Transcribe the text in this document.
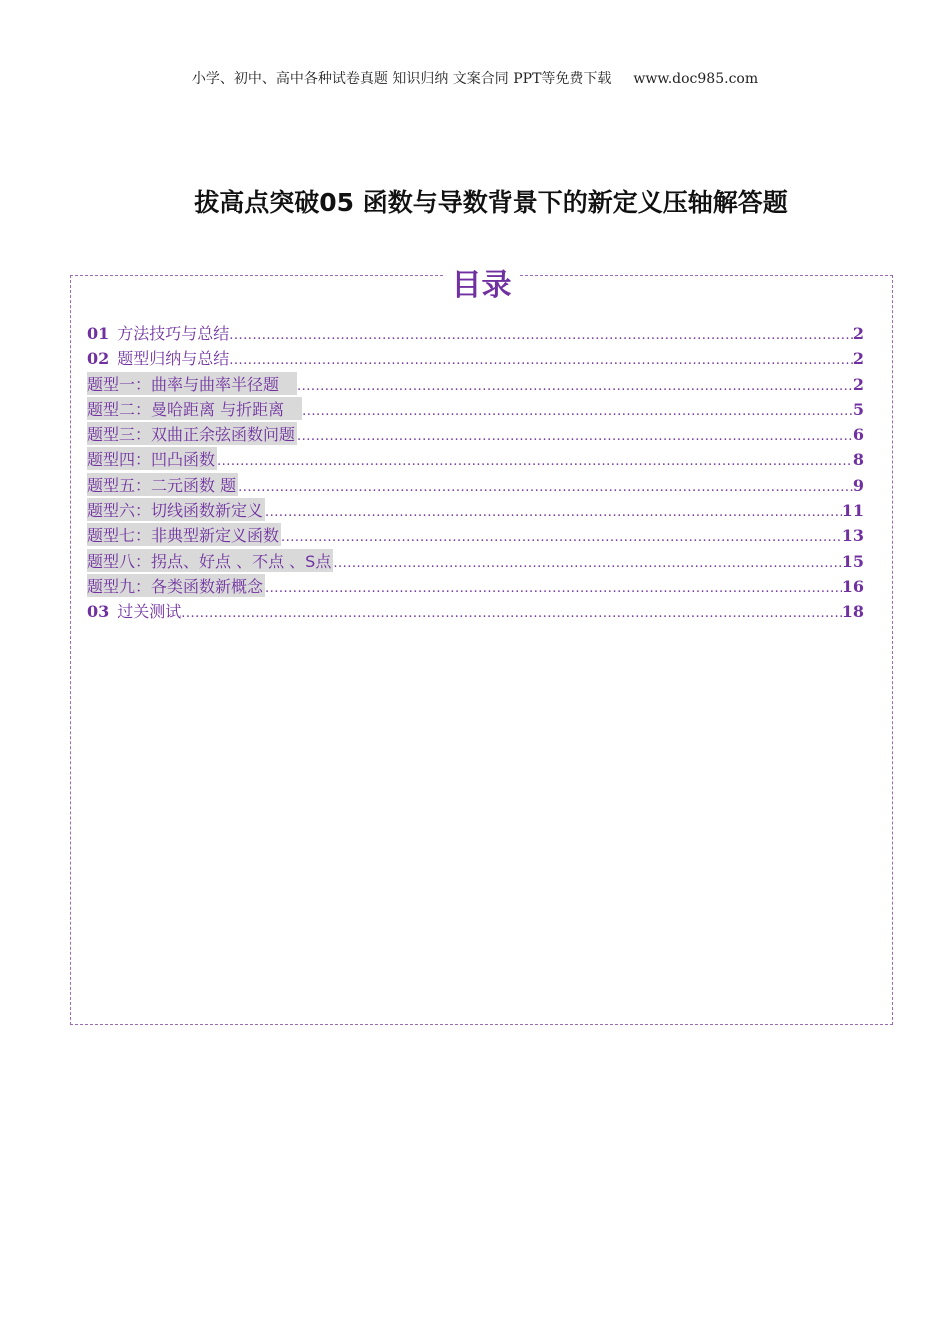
小学、初中、高中各种试卷真题 知识归纳 文案合同 PPT等免费下载 www.doc985.com
拔高点突破05 函数与导数背景下的新定义压轴解答题
目录
01 方法技巧与总结 .....	2
02 题型归纳与总结 .....	2
题型一：曲率与曲率半径题 .....	2
题型二：曼哈距离 与折距离 .....	5
题型三：双曲正余弦函数问题 .....	6
题型四：凹凸函数 .....	8
题型五：二元函数 题 .....	9
题型六：切线函数新定义 .....	11
题型七：非典型新定义函数 .....	13
题型八：拐点、好点 、不点 、S点 .....	15
题型九：各类函数新概念 .....	16
03 过关测试 .....	18
